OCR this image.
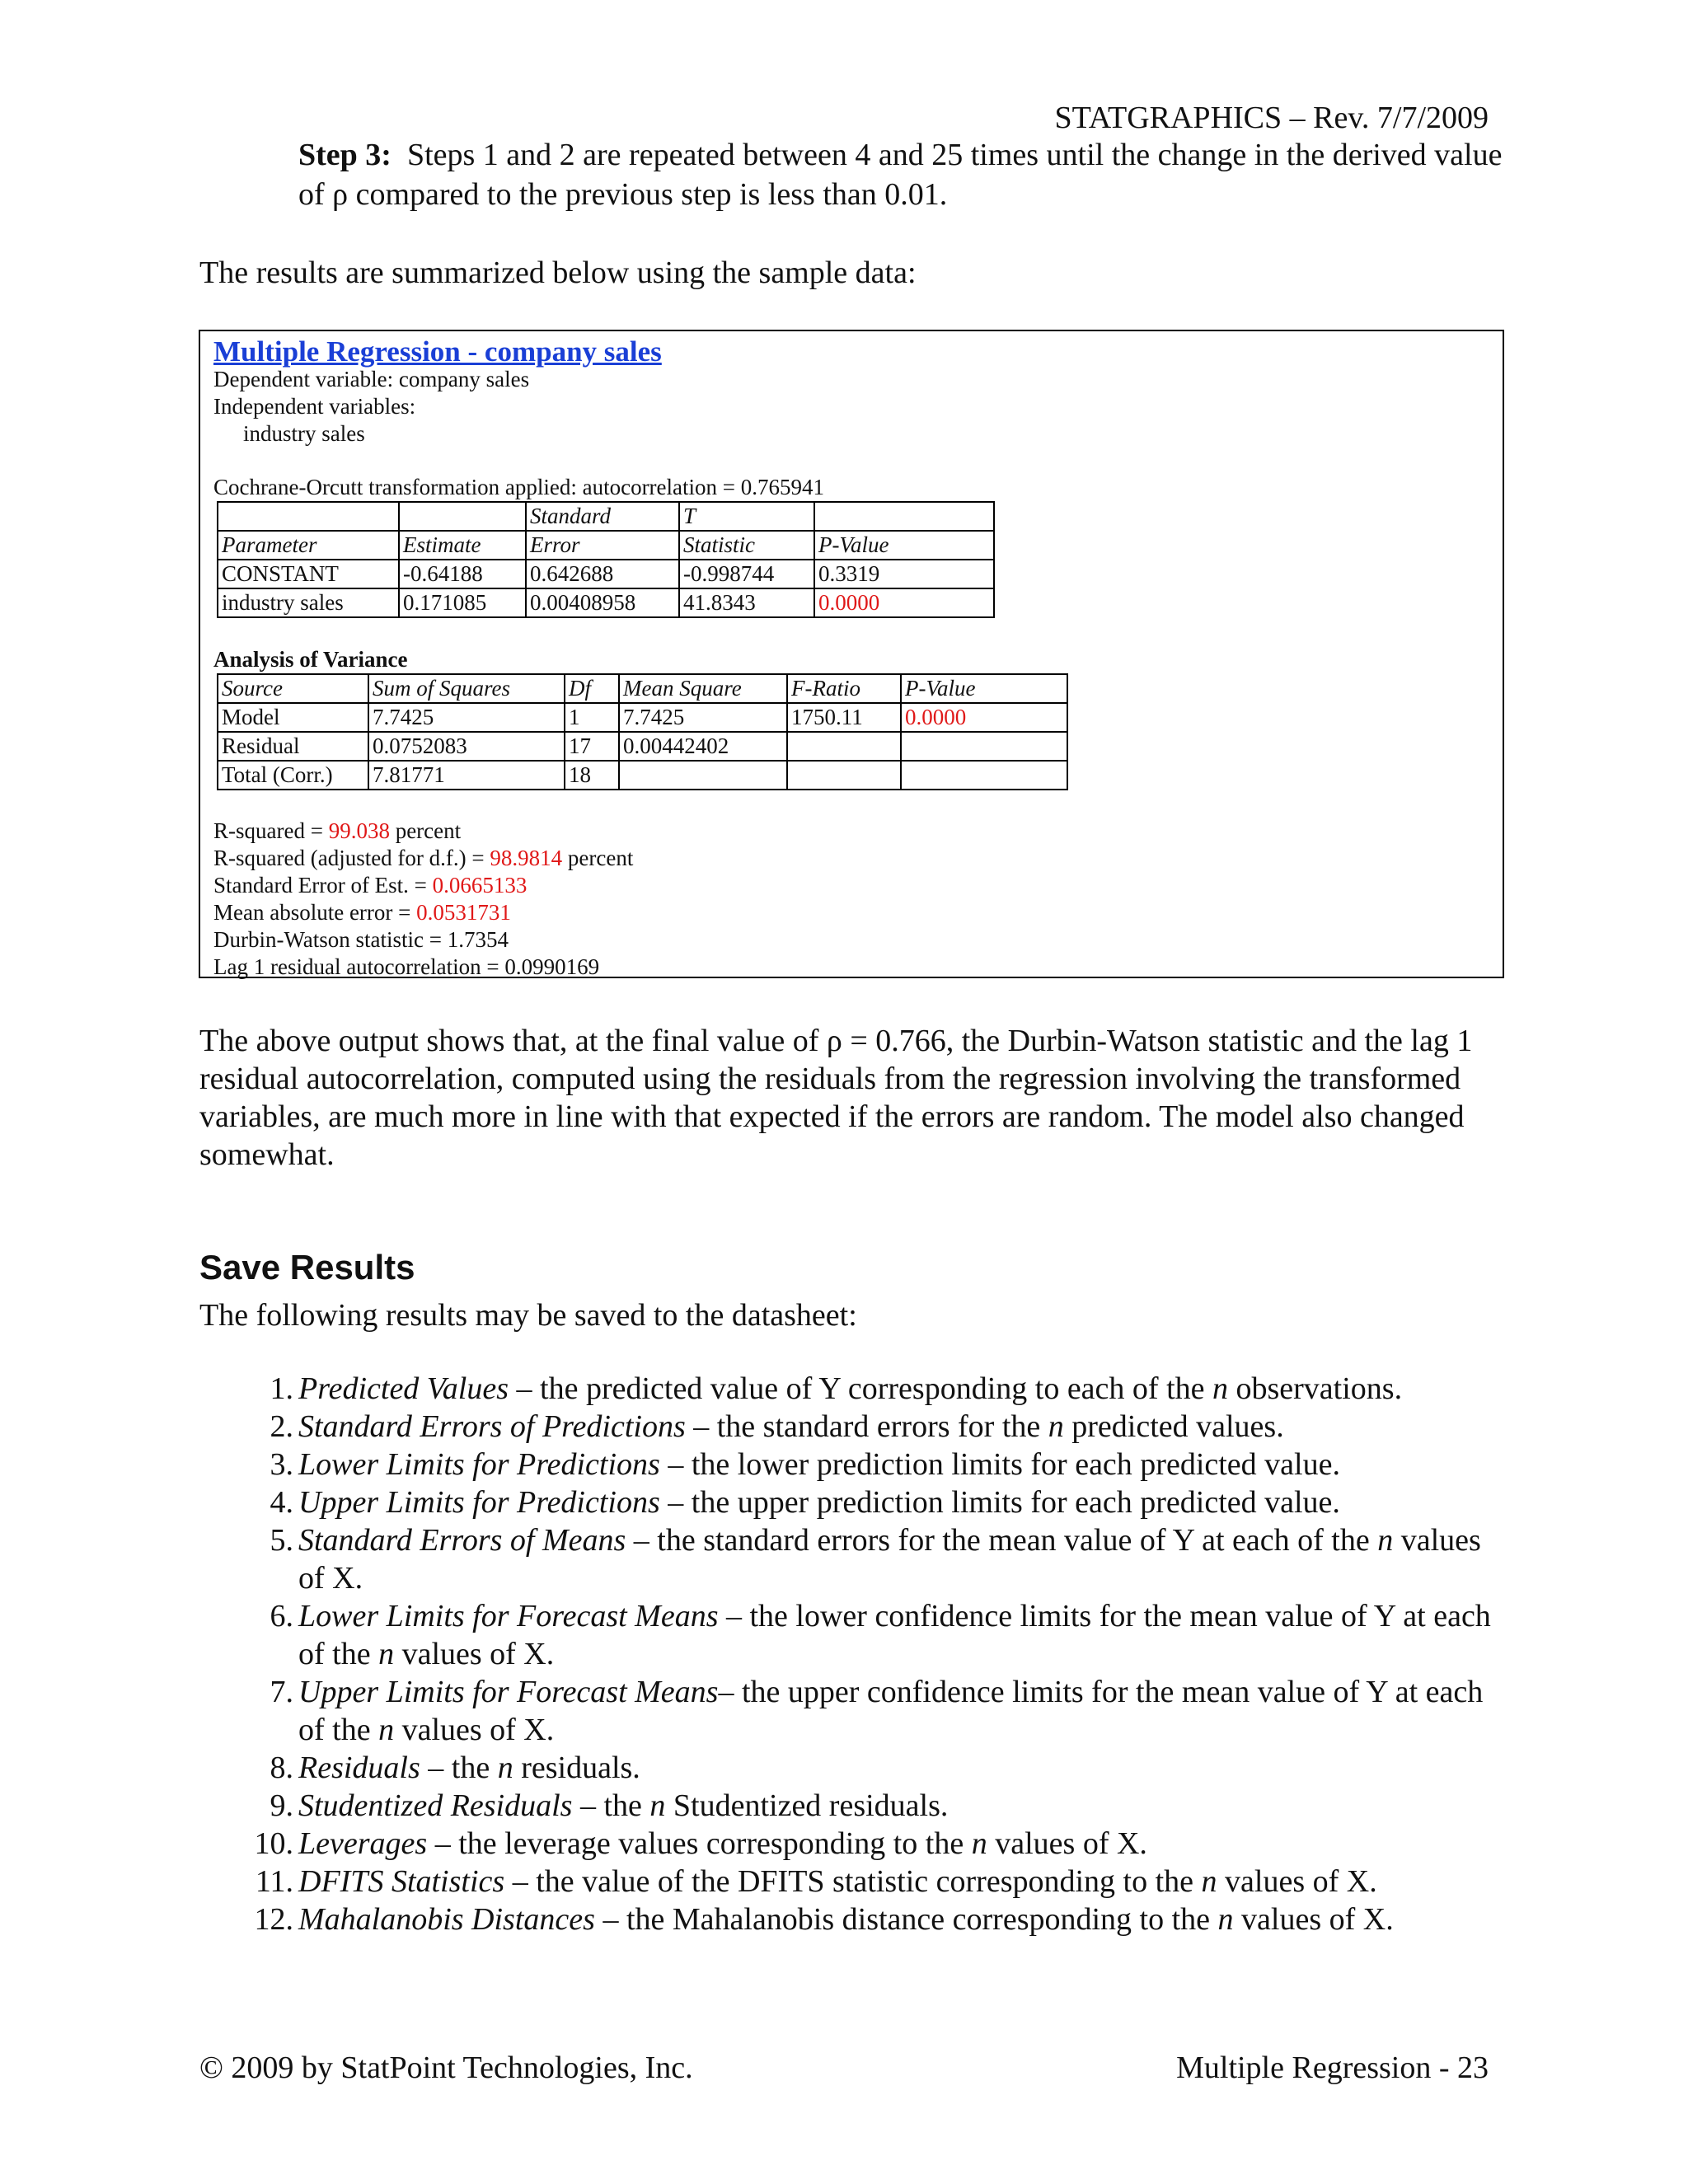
STATGRAPHICS – Rev. 7/7/2009
Step 3: Steps 1 and 2 are repeated between 4 and 25 times until the change in the derived value of ρ compared to the previous step is less than 0.01.
The results are summarized below using the sample data:
Multiple Regression - company sales
Dependent variable: company sales
Independent variables:
industry sales
Cochrane-Orcutt transformation applied: autocorrelation = 0.765941
		Standard	T	
Parameter	Estimate	Error	Statistic	P-Value
CONSTANT	-0.64188	0.642688	-0.998744	0.3319
industry sales	0.171085	0.00408958	41.8343	0.0000
Analysis of Variance
Source	Sum of Squares	Df	Mean Square	F-Ratio	P-Value
Model	7.7425	1	7.7425	1750.11	0.0000
Residual	0.0752083	17	0.00442402		
Total (Corr.)	7.81771	18			
R-squared = 99.038 percent
R-squared (adjusted for d.f.) = 98.9814 percent
Standard Error of Est. = 0.0665133
Mean absolute error = 0.0531731
Durbin-Watson statistic = 1.7354
Lag 1 residual autocorrelation = 0.0990169
The above output shows that, at the final value of ρ = 0.766, the Durbin-Watson statistic and the lag 1 residual autocorrelation, computed using the residuals from the regression involving the transformed variables, are much more in line with that expected if the errors are random. The model also changed somewhat.
Save Results
The following results may be saved to the datasheet:
1. Predicted Values – the predicted value of Y corresponding to each of the n observations.
2. Standard Errors of Predictions – the standard errors for the n predicted values.
3. Lower Limits for Predictions – the lower prediction limits for each predicted value.
4. Upper Limits for Predictions – the upper prediction limits for each predicted value.
5. Standard Errors of Means – the standard errors for the mean value of Y at each of the n values of X.
6. Lower Limits for Forecast Means – the lower confidence limits for the mean value of Y at each of the n values of X.
7. Upper Limits for Forecast Means– the upper confidence limits for the mean value of Y at each of the n values of X.
8. Residuals – the n residuals.
9. Studentized Residuals – the n Studentized residuals.
10. Leverages – the leverage values corresponding to the n values of X.
11. DFITS Statistics – the value of the DFITS statistic corresponding to the n values of X.
12. Mahalanobis Distances – the Mahalanobis distance corresponding to the n values of X.
© 2009 by StatPoint Technologies, Inc.	Multiple Regression - 23
